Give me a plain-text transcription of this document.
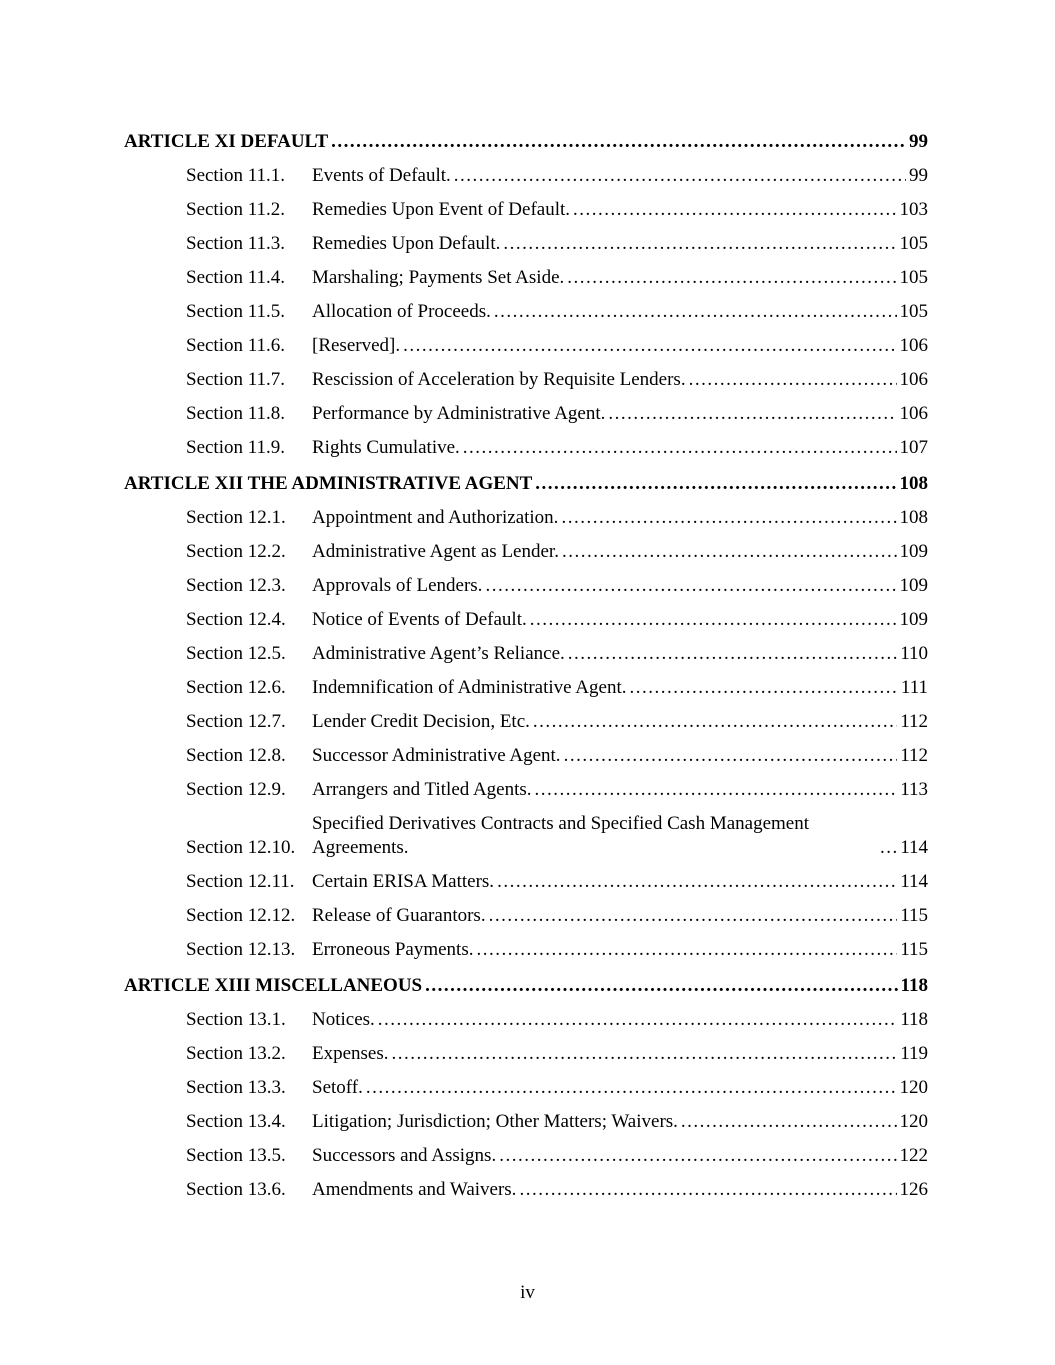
ARTICLE XI DEFAULT .....	99
Section 11.1.	Events of Default. .....	99
Section 11.2.	Remedies Upon Event of Default. .....	103
Section 11.3.	Remedies Upon Default. .....	105
Section 11.4.	Marshaling; Payments Set Aside. .....	105
Section 11.5.	Allocation of Proceeds. .....	105
Section 11.6.	[Reserved]. .....	106
Section 11.7.	Rescission of Acceleration by Requisite Lenders. .....	106
Section 11.8.	Performance by Administrative Agent. .....	106
Section 11.9.	Rights Cumulative. .....	107
ARTICLE XII THE ADMINISTRATIVE AGENT .....	108
Section 12.1.	Appointment and Authorization. .....	108
Section 12.2.	Administrative Agent as Lender. .....	109
Section 12.3.	Approvals of Lenders. .....	109
Section 12.4.	Notice of Events of Default. .....	109
Section 12.5.	Administrative Agent’s Reliance. .....	110
Section 12.6.	Indemnification of Administrative Agent. .....	111
Section 12.7.	Lender Credit Decision, Etc. .....	112
Section 12.8.	Successor Administrative Agent. .....	112
Section 12.9.	Arrangers and Titled Agents. .....	113
Section 12.10.
Specified Derivatives Contracts and Specified Cash Management Agreements. .....	114
Section 12.11. Certain ERISA Matters. .....	114
Section 12.12. Release of Guarantors. .....	115
Section 12.13. Erroneous Payments. .....	115
ARTICLE XIII MISCELLANEOUS .....	118
Section 13.1.	Notices. .....	118
Section 13.2.	Expenses. .....	119
Section 13.3.	Setoff. .....	120
Section 13.4.	Litigation; Jurisdiction; Other Matters; Waivers. .....	120
Section 13.5.	Successors and Assigns. .....	122
Section 13.6.	Amendments and Waivers. .....	126
iv
